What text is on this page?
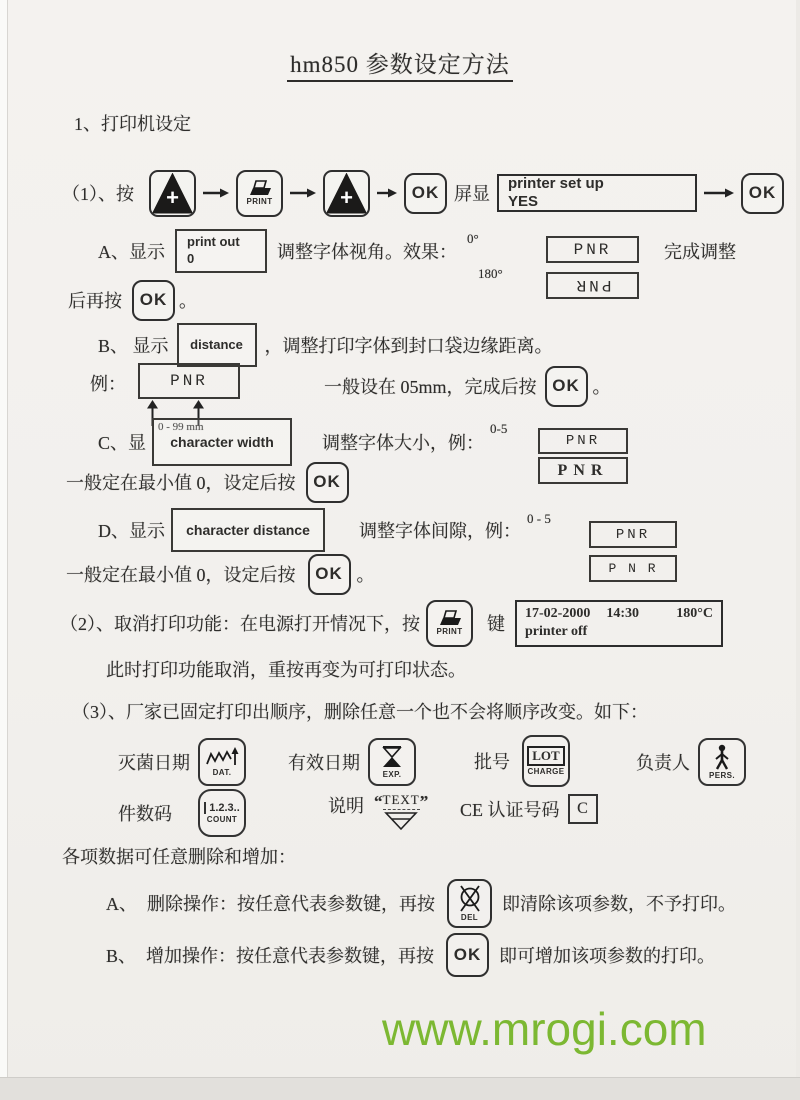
hm850 参数设定方法
1、打印机设定
（1）、按	+	PRINT	+	OK 屏显
printer set up
YES	OK
A、显示
print out
0	调整字体视角。效果：
0°
PNR	完成调整
180°
PNR
后再按	OK 。
B、 显示	distance	，调整打印字体到封口袋边缘距离。
例：	PNR
0 - 99 mm
一般设在 05mm，完成后按 OK 。
C、显	character width	调整字体大小，例：
0-5
PNR
一般定在最小值 0，设定后按	OK
PNR
D、显示	character distance	调整字体间隙，例：
0 - 5
PNR
一般定在最小值 0，设定后按	OK 。	P N R
（2）、取消打印功能：在电源打开情况下，按 PRINT 键
17-02-2000 14:30	180°C
printer off
此时打印功能取消，重按再变为可打印状态。
（3）、厂家已固定打印出顺序，删除任意一个也不会将顺序改变。如下：
灭菌日期	DAT.	有效日期
EXP.
批号	LOT
CHARGE	负责人
PERS.
件数码	1.2.3..
COUNT
说明 “ TEXT ” CE 认证号码	C
各项数据可任意删除和增加：
A、 删除操作：按任意代表参数键，再按
DEL
即清除该项参数，不予打印。
B、 增加操作：按任意代表参数键，再按	OK 即可增加该项参数的打印。
www.mrogi.com
